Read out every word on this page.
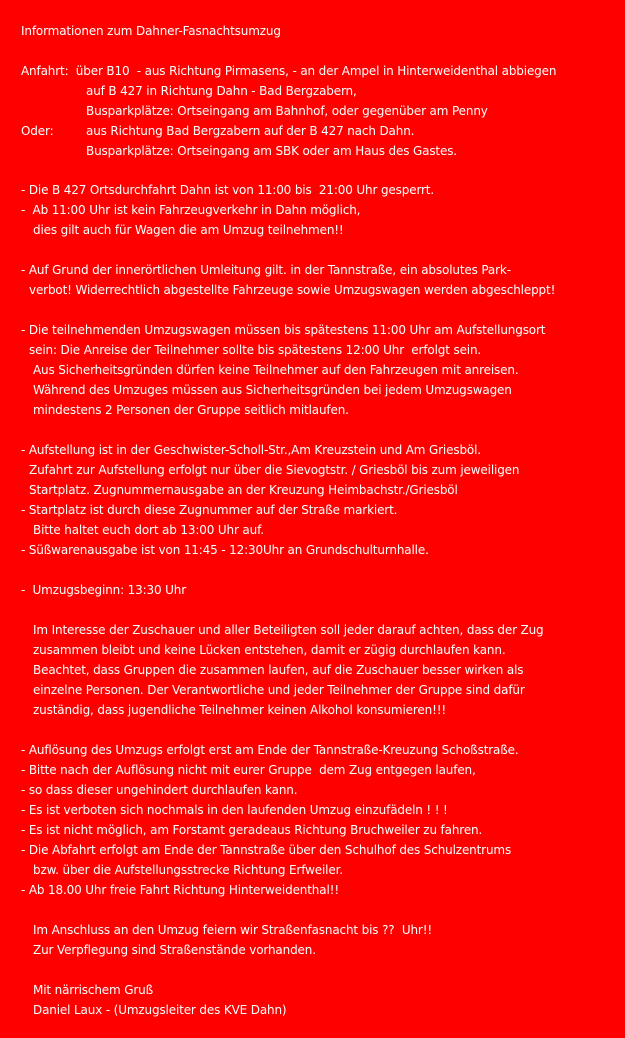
Informationen zum Dahner-Fasnachtsumzug
Anfahrt:  über B10  - aus Richtung Pirmasens, - an der Ampel in Hinterweidenthal abbiegen
auf B 427 in Richtung Dahn - Bad Bergzabern,
Busparkplätze: Ortseingang am Bahnhof, oder gegenüber am Penny
Oder:	aus Richtung Bad Bergzabern auf der B 427 nach Dahn.
Busparkplätze: Ortseingang am SBK oder am Haus des Gastes.
- Die B 427 Ortsdurchfahrt Dahn ist von 11:00 bis  21:00 Uhr gesperrt.
-  Ab 11:00 Uhr ist kein Fahrzeugverkehr in Dahn möglich,
dies gilt auch für Wagen die am Umzug teilnehmen!!
- Auf Grund der innerörtlichen Umleitung gilt. in der Tannstraße, ein absolutes Park-
verbot! Widerrechtlich abgestellte Fahrzeuge sowie Umzugswagen werden abgeschleppt!
- Die teilnehmenden Umzugswagen müssen bis spätestens 11:00 Uhr am Aufstellungsort
sein: Die Anreise der Teilnehmer sollte bis spätestens 12:00 Uhr  erfolgt sein.
Aus Sicherheitsgründen dürfen keine Teilnehmer auf den Fahrzeugen mit anreisen.
Während des Umzuges müssen aus Sicherheitsgründen bei jedem Umzugswagen
mindestens 2 Personen der Gruppe seitlich mitlaufen.
- Aufstellung ist in der Geschwister-Scholl-Str.,Am Kreuzstein und Am Griesböl.
Zufahrt zur Aufstellung erfolgt nur über die Sievogtstr. / Griesböl bis zum jeweiligen
Startplatz. Zugnummernausgabe an der Kreuzung Heimbachstr./Griesböl
- Startplatz ist durch diese Zugnummer auf der Straße markiert.
Bitte haltet euch dort ab 13:00 Uhr auf.
- Süßwarenausgabe ist von 11:45 - 12:30Uhr an Grundschulturnhalle.
-  Umzugsbeginn: 13:30 Uhr
Im Interesse der Zuschauer und aller Beteiligten soll jeder darauf achten, dass der Zug
zusammen bleibt und keine Lücken entstehen, damit er zügig durchlaufen kann.
Beachtet, dass Gruppen die zusammen laufen, auf die Zuschauer besser wirken als
einzelne Personen. Der Verantwortliche und jeder Teilnehmer der Gruppe sind dafür
zuständig, dass jugendliche Teilnehmer keinen Alkohol konsumieren!!!
- Auflösung des Umzugs erfolgt erst am Ende der Tannstraße-Kreuzung Schoßstraße.
- Bitte nach der Auflösung nicht mit eurer Gruppe  dem Zug entgegen laufen,
- so dass dieser ungehindert durchlaufen kann.
- Es ist verboten sich nochmals in den laufenden Umzug einzufädeln ! ! !
- Es ist nicht möglich, am Forstamt geradeaus Richtung Bruchweiler zu fahren.
- Die Abfahrt erfolgt am Ende der Tannstraße über den Schulhof des Schulzentrums
bzw. über die Aufstellungsstrecke Richtung Erfweiler.
- Ab 18.00 Uhr freie Fahrt Richtung Hinterweidenthal!!
Im Anschluss an den Umzug feiern wir Straßenfasnacht bis ??  Uhr!!
Zur Verpflegung sind Straßenstände vorhanden.
Mit närrischem Gruß
Daniel Laux - (Umzugsleiter des KVE Dahn)
